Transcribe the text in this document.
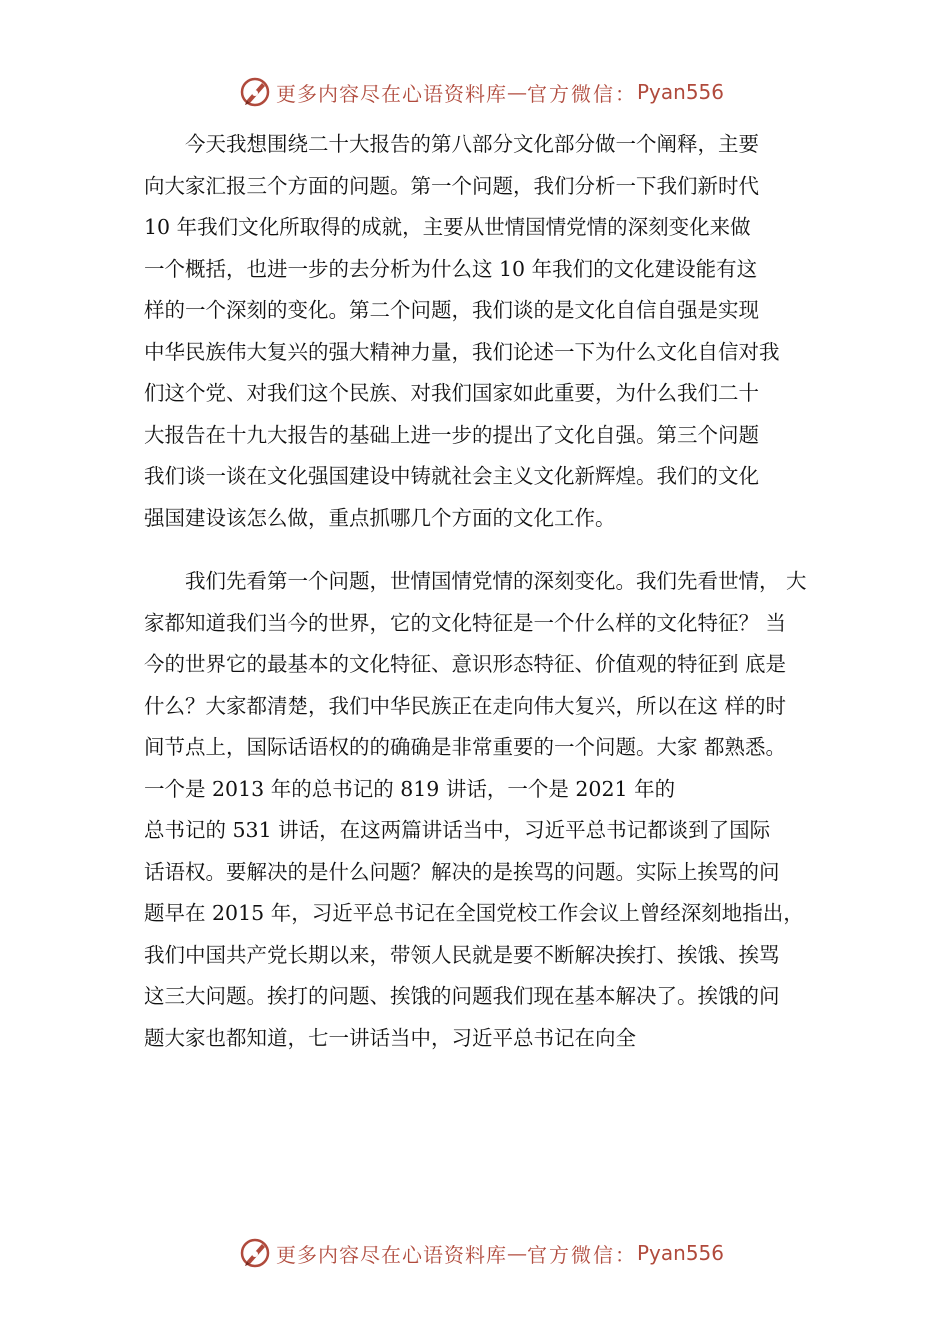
更多内容尽在心语资料库 — 官方微信： Pyan556
今天我想围绕二十大报告的第八部分文化部分做一个阐释，主要
向大家汇报三个方面的问题。第一个问题，我们分析一下我们新时代
10 年我们文化所取得的成就，主要从世情国情党情的深刻变化来做
一个概括，也进一步的去分析为什么这 10 年我们的文化建设能有这
样的一个深刻的变化。第二个问题，我们谈的是文化自信自强是实现
中华民族伟大复兴的强大精神力量，我们论述一下为什么文化自信对我
们这个党、对我们这个民族、对我们国家如此重要，为什么我们二十
大报告在十九大报告的基础上进一步的提出了文化自强。第三个问题
我们谈一谈在文化强国建设中铸就社会主义文化新辉煌。我们的文化
强国建设该怎么做，重点抓哪几个方面的文化工作。
我们先看第一个问题，世情国情党情的深刻变化。我们先看世情， 大
家都知道我们当今的世界，它的文化特征是一个什么样的文化特征？ 当
今的世界它的最基本的文化特征、意识形态特征、价值观的特征到 底是
什么？大家都清楚，我们中华民族正在走向伟大复兴，所以在这 样的时
间节点上，国际话语权的的确确是非常重要的一个问题。大家 都熟悉。
一个是 2013 年的总书记的 819 讲话，一个是 2021 年的
总书记的 531 讲话，在这两篇讲话当中，习近平总书记都谈到了国际
话语权。要解决的是什么问题？解决的是挨骂的问题。实际上挨骂的问
题早在 2015 年，习近平总书记在全国党校工作会议上曾经深刻地指出，
我们中国共产党长期以来，带领人民就是要不断解决挨打、挨饿、挨骂
这三大问题。挨打的问题、挨饿的问题我们现在基本解决了。挨饿的问
题大家也都知道，七一讲话当中，习近平总书记在向全
更多内容尽在心语资料库 — 官方微信： Pyan556
